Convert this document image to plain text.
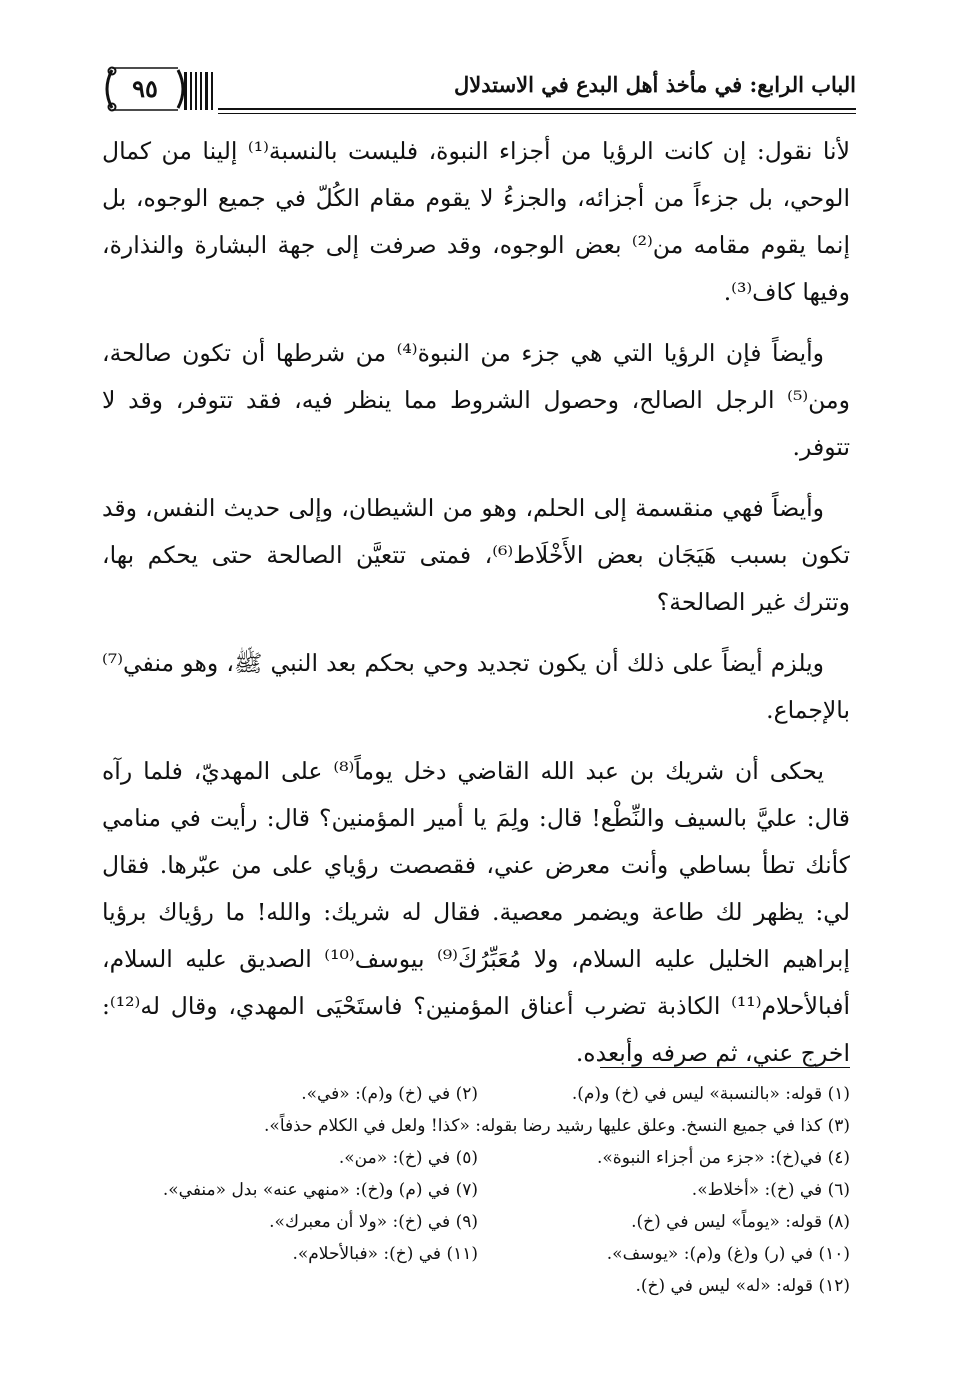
الباب الرابع: في مأخذ أهل البدع في الاستدلال
٩٥

لأنا نقول: إن كانت الرؤيا من أجزاء النبوة، فليست بالنسبة⁽¹⁾ إلينا من كمال الوحي، بل جزءاً من أجزائه، والجزءُ لا يقوم مقام الكُلّ في جميع الوجوه، بل إنما يقوم مقامه من⁽²⁾ بعض الوجوه، وقد صرفت إلى جهة البشارة والنذارة، وفيها كاف⁽³⁾.

وأيضاً فإن الرؤيا التي هي جزء من النبوة⁽⁴⁾ من شرطها أن تكون صالحة، ومن⁽⁵⁾ الرجل الصالح، وحصول الشروط مما ينظر فيه، فقد تتوفر، وقد لا تتوفر.

وأيضاً فهي منقسمة إلى الحلم، وهو من الشيطان، وإلى حديث النفس، وقد تكون بسبب هَيَجَان بعض الأَخْلَاط⁽⁶⁾، فمتى تتعيَّن الصالحة حتى يحكم بها، وتترك غير الصالحة؟

ويلزم أيضاً على ذلك أن يكون تجديد وحي بحكم بعد النبي ﷺ، وهو منفي⁽⁷⁾ بالإجماع.

يحكى أن شريك بن عبد الله القاضي دخل يوماً⁽⁸⁾ على المهديّ، فلما رآه قال: عليَّ بالسيف والنِّطْع! قال: ولِمَ يا أمير المؤمنين؟ قال: رأيت في منامي كأنك تطأ بساطي وأنت معرض عني، فقصصت رؤياي على من عبّرها. فقال لي: يظهر لك طاعة ويضمر معصية. فقال له شريك: والله! ما رؤياك برؤيا إبراهيم الخليل عليه السلام، ولا مُعَبِّرُكَ⁽⁹⁾ بيوسف⁽¹⁰⁾ الصديق عليه السلام، أفبالأحلام⁽¹¹⁾ الكاذبة تضرب أعناق المؤمنين؟ فاستَحْيَى المهدي، وقال له⁽¹²⁾: اخرج عني، ثم صرفه وأبعده.

(١) قوله: «بالنسبة» ليس في (خ) و(م).
(٢) في (خ) و(م): «في».
(٣) كذا في جميع النسخ. وعلق عليها رشيد رضا بقوله: «كذا! ولعل في الكلام حذفاً».
(٤) في(خ): «جزء من أجزاء النبوة».
(٥) في (خ): «من».
(٦) في (خ): «أخلاط».
(٧) في (م) و(خ): «منهي عنه» بدل «منفي».
(٨) قوله: «يوماً» ليس في (خ).
(٩) في (خ): «ولا أن معبرك».
(١٠) في (ر) و(غ) و(م): «يوسف».
(١١) في (خ): «فبالأحلام».
(١٢) قوله: «له» ليس في (خ).
